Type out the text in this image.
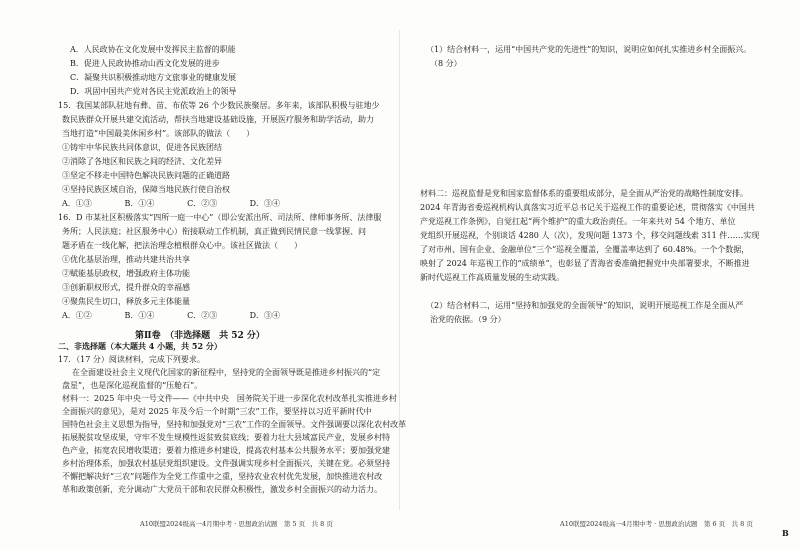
A．人民政协在文化发展中发挥民主监督的职能
B．促进人民政协推动山西文化发展的进步
C．凝聚共识积极推动地方文旅事业的健康发展
D．巩固中国共产党对各民主党派政治上的领导
15．我国某部队驻地有彝、苗、布依等 26 个少数民族聚居。多年来，该部队积极与驻地少
数民族群众开展共建交流活动，帮扶当地建设基础设施，开展医疗服务和助学活动，助力
当地打造“中国最美休闲乡村”。该部队的做法（　　）
①铸牢中华民族共同体意识，促进各民族团结
②消除了各地区和民族之间的经济、文化差异
③坚定不移走中国特色解决民族问题的正确道路
④坚持民族区域自治，保障当地民族行使自治权
A．①③	B．①④	C．②③	D．③④
16．D 市某社区积极落实“四所一庭一中心”（即公安派出所、司法所、律师事务所、法律服
务所；人民法庭；社区服务中心）衔接联动工作机制，真正做到民情民意一线掌握、问
题矛盾在一线化解，把法治理念植根群众心中。该社区做法（　　）
①优化基层治理，推动共建共治共享
②赋能基层政权，增强政府主体功能
③创新职权形式，提升群众的幸福感
④聚焦民生切口，释放多元主体能量
A．①②	B．①④	C．②③	D．③④
第Ⅱ卷　（非选择题　共 52 分）
二、非选择题（本大题共 4 小题，共 52 分）
17．（17 分）阅读材料，完成下列要求。
在全面建设社会主义现代化国家的新征程中，坚持党的全面领导既是推进乡村振兴的“定
盘星”，也是深化巡视监督的“压舱石”。
材料一：2025 年中央一号文件——《中共中央　国务院关于进一步深化农村改革扎实推进乡村
全面振兴的意见》，是对 2025 年及今后一个时期“三农”工作，要坚持以习近平新时代中
国特色社会主义思想为指导，坚持和加强党对“三农”工作的全面领导。文件强调要以深化农村改革
拓展脱贫攻坚成果，守牢不发生规模性返贫致贫底线；要着力壮大县域富民产业，发展乡村特
色产业，拓宽农民增收渠道；要着力推进乡村建设，提高农村基本公共服务水平；要加强党建
乡村治理体系，加强农村基层党组织建设。文件强调实现乡村全面振兴，关键在党。必须坚持
不懈把解决好“三农”问题作为全党工作重中之重，坚持农业农村优先发展，加快推进农村改
革和政策创新，充分调动广大党员干部和农民群众积极性，激发乡村全面振兴的动力活力。
A10联盟2024级高一4月期中考 · 思想政治试题　第 5 页　共 8 页
（1）结合材料一，运用“中国共产党的先进性”的知识，说明应如何扎实推进乡村全面振兴。
（8 分）
材料二：巡视监督是党和国家监督体系的重要组成部分，是全面从严治党的战略性制度安排。
2024 年青海省委巡视机构认真落实习近平总书记关于巡视工作的重要论述，贯彻落实《中国共
产党巡视工作条例》，自觉扛起“两个维护”的重大政治责任。一年来共对 54 个地方、单位
党组织开展巡视，个别谈话 4280 人（次），发现问题 1373 个，移交问题线索 311 件……实现
了对市州、国有企业、金融单位“三个”巡视全覆盖，全覆盖率达到了 60.48%。一个个数据，
映射了 2024 年巡视工作的“成绩单”，也彰显了青海省委准确把握党中央部署要求，不断推进
新时代巡视工作高质量发展的生动实践。
（2）结合材料二，运用“坚持和加强党的全面领导”的知识，说明开展巡视工作是全面从严
治党的依据。（9 分）
A10联盟2024级高一4月期中考 · 思想政治试题　第 6 页　共 8 页
B
